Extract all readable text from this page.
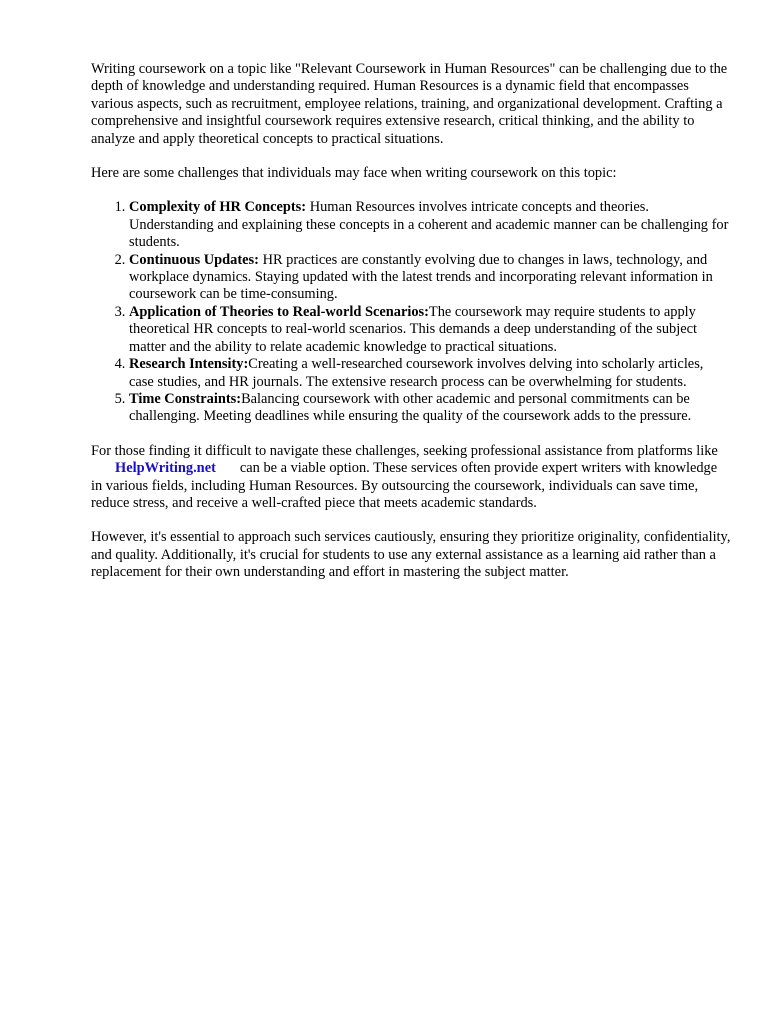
Writing coursework on a topic like "Relevant Coursework in Human Resources" can be challenging due to the depth of knowledge and understanding required. Human Resources is a dynamic field that encompasses various aspects, such as recruitment, employee relations, training, and organizational development. Crafting a comprehensive and insightful coursework requires extensive research, critical thinking, and the ability to analyze and apply theoretical concepts to practical situations.

Here are some challenges that individuals may face when writing coursework on this topic:

1. Complexity of HR Concepts: Human Resources involves intricate concepts and theories. Understanding and explaining these concepts in a coherent and academic manner can be challenging for students.
2. Continuous Updates: HR practices are constantly evolving due to changes in laws, technology, and workplace dynamics. Staying updated with the latest trends and incorporating relevant information in coursework can be time-consuming.
3. Application of Theories to Real-world Scenarios:The coursework may require students to apply theoretical HR concepts to real-world scenarios. This demands a deep understanding of the subject matter and the ability to relate academic knowledge to practical situations.
4. Research Intensity:Creating a well-researched coursework involves delving into scholarly articles, case studies, and HR journals. The extensive research process can be overwhelming for students.
5. Time Constraints:Balancing coursework with other academic and personal commitments can be challenging. Meeting deadlines while ensuring the quality of the coursework adds to the pressure.

For those finding it difficult to navigate these challenges, seeking professional assistance from platforms likeHelpWriting.net can be a viable option. These services often provide expert writers with knowledge in various fields, including Human Resources. By outsourcing the coursework, individuals can save time, reduce stress, and receive a well-crafted piece that meets academic standards.

However, it's essential to approach such services cautiously, ensuring they prioritize originality, confidentiality, and quality. Additionally, it's crucial for students to use any external assistance as a learning aid rather than a replacement for their own understanding and effort in mastering the subject matter.
